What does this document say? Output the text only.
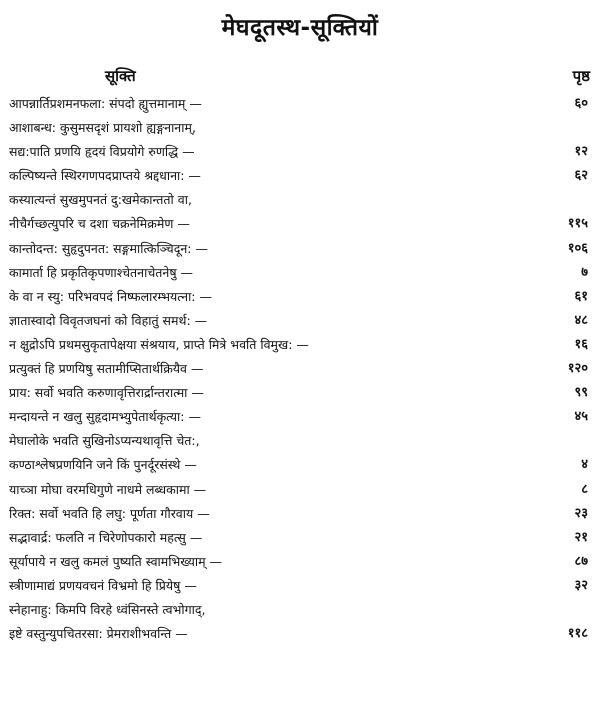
मेघदूतस्थ-सूक्तियों
सूक्ति	पृष्ठ
आपन्नार्तिप्रशमनफला: संपदो ह्युत्तमानाम् —	६०
आशाबन्ध: कुसुमसदृशं प्रायशो ह्यङ्गनानाम्,
सद्य:पाति प्रणयि हृदयं विप्रयोगे रुणद्धि —	१२
कल्पिष्यन्ते स्थिरगणपदप्राप्तये श्रद्दधाना: —	६२
कस्यात्यन्तं सुखमुपनतं दु:खमेकान्ततो वा,
नीचैर्गच्छत्युपरि च दशा चक्रनेमिक्रमेण —	११५
कान्तोदन्त: सुहृदुपनत: सङ्गमात्किञ्चिदून: —	१०६
कामार्ता हि प्रकृतिकृपणाश्चेतनाचेतनेषु —	७
के वा न स्यु: परिभवपदं निष्फलारम्भयत्ना: —	६१
ज्ञातास्वादो विवृतजघनां को विहातुं समर्थ: —	४८
न क्षुद्रोऽपि प्रथमसुकृतापेक्षया संश्रयाय, प्राप्ते मित्रे भवति विमुख: —	१६
प्रत्युक्तं हि प्रणयिषु सतामीप्सितार्थक्रियैव —	१२०
प्राय: सर्वो भवति करुणावृत्तिरार्द्रान्तरात्मा —	९९
मन्दायन्ते न खलु सुहृदामभ्युपेतार्थकृत्या: —	४५
मेघालोके भवति सुखिनोऽप्यन्यथावृत्ति चेत:,
कण्ठाश्लेषप्रणयिनि जने किं पुनर्दूरसंस्थे —	४
याच्ञा मोघा वरमधिगुणे नाधमे लब्धकामा —	८
रिक्त: सर्वो भवति हि लघु: पूर्णता गौरवाय —	२३
सद्भावार्द्र: फलति न चिरेणोपकारो महत्सु —	२१
सूर्यापाये न खलु कमलं पुष्यति स्वामभिख्याम् —	८७
स्त्रीणामाद्यं प्रणयवचनं विभ्रमो हि प्रियेषु —	३२
स्नेहानाहु: किमपि विरहे ध्वंसिनस्ते त्वभोगाद्,
इष्टे वस्तुन्युपचितरसा: प्रेमराशीभवन्ति —	११८
